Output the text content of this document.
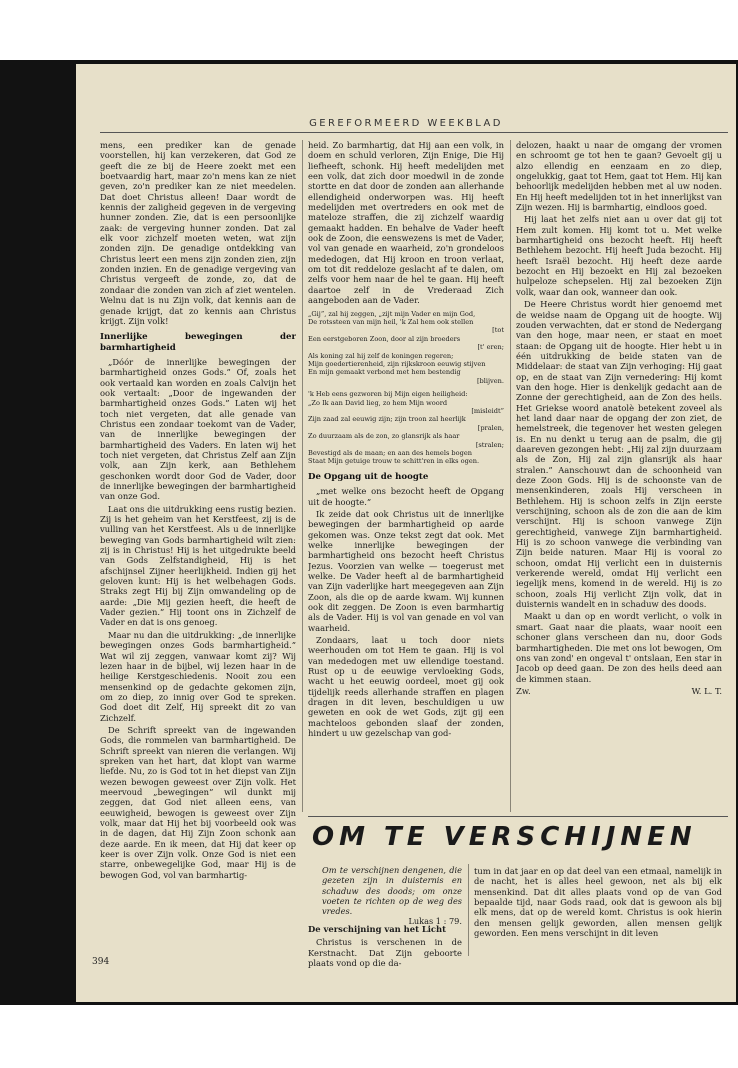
GEREFORMEERD WEEKBLAD

mens, een prediker kan de genade voorstellen, hij kan verzekeren, dat God ze geeft die ze bij de Heere zoekt met een boetvaardig hart, maar zo'n mens kan ze niet geven, zo'n prediker kan ze niet meedelen. Dat doet Christus alleen! Daar wordt de kennis der zaligheid gegeven in de vergeving hunner zonden. Zie, dat is een persoonlijke zaak: de vergeving hunner zonden. Dat zal elk voor zichzelf moeten weten, wat zijn zonden zijn. De genadige ontdekking van Christus leert een mens zijn zonden zien, zijn zonden inzien. En de genadige vergeving van Christus vergeeft de zonde, zo, dat de zondaar die zonden van zich af ziet wentelen. Welnu dat is nu Zijn volk, dat kennis aan de genade krijgt, dat zo kennis aan Christus krijgt. Zijn volk!

Innerlijke bewegingen der barmhartigheid

„Dóór de innerlijke bewegingen der barmhartigheid onzes Gods.” Of, zoals het ook vertaald kan worden en zoals Calvijn het ook vertaalt: „Door de ingewanden der barmhartigheid onzes Gods.” Laten wij het toch niet vergeten, dat alle genade van Christus een zondaar toekomt van de Vader, van de innerlijke bewegingen der barmhartigheid des Vaders. En laten wij het toch niet vergeten, dat Christus Zelf aan Zijn volk, aan Zijn kerk, aan Bethlehem geschonken wordt door God de Vader, door de innerlijke bewegingen der barmhartigheid van onze God.

Laat ons die uitdrukking eens rustig bezien. Zij is het geheim van het Kerstfeest, zij is de vulling van het Kerstfeest. Als u de innerlijke beweging van Gods barmhartigheid wilt zien: zij is in Christus! Hij is het uitgedrukte beeld van Gods Zelfstandigheid, Hij is het afschijnsel Zijner heerlijkheid. Indien gij het geloven kunt: Hij is het welbehagen Gods. Straks zegt Hij bij Zijn omwandeling op de aarde: „Die Mij gezien heeft, die heeft de Vader gezien.” Hij toont ons in Zichzelf de Vader en dat is ons genoeg.

Maar nu dan die uitdrukking: „de innerlijke bewegingen onzes Gods barmhartigheid.” Wat wil zij zeggen, vanwaar komt zij? Wij lezen haar in de bijbel, wij lezen haar in de heilige Kerstgeschiedenis. Nooit zou een mensenkind op de gedachte gekomen zijn, om zo diep, zo innig over God te spreken. God doet dit Zelf, Hij spreekt dit zo van Zichzelf.

De Schrift spreekt van de ingewanden Gods, die rommelen van barmhartigheid. De Schrift spreekt van nieren die verlangen. Wij spreken van het hart, dat klopt van warme liefde. Nu, zo is God tot in het diepst van Zijn wezen bewogen geweest over Zijn volk. Het meervoud „bewegingen” wil dunkt mij zeggen, dat God niet alleen eens, van eeuwigheid, bewogen is geweest over Zijn volk, maar dat Hij het bij voorbeeld ook was in de dagen, dat Hij Zijn Zoon schonk aan deze aarde. En ik meen, dat Hij dat keer op keer is over Zijn volk. Onze God is niet een starre, onbewegelijke God, maar Hij is de bewogen God, vol van barmhartig-

heid. Zo barmhartig, dat Hij aan een volk, in doem en schuld verloren, Zijn Enige, Die Hij liefheeft, schonk. Hij heeft medelijden met een volk, dat zich door moedwil in de zonde stortte en dat door de zonden aan allerhande ellendigheid onderworpen was. Hij heeft medelijden met overtreders en ook met de mateloze straffen, die zij zichzelf waardig gemaakt hadden. En behalve de Vader heeft ook de Zoon, die eenswezens is met de Vader, vol van genade en waarheid, zo'n grondeloos mededogen, dat Hij kroon en troon verlaat, om tot dit reddeloze geslacht af te dalen, om zelfs voor hem naar de hel te gaan. Hij heeft daartoe zelf in de Vrederaad Zich aangeboden aan de Vader.

„Gij”, zal hij zeggen, „zijt mijn Vader en mijn God,
De rotssteen van mijn heil, 'k Zal hem ook stellen
[tot
Een eerstgeboren Zoon, door al zijn broeders
[t' eren;
Als koning zal hij zelf de koningen regeren;
Mijn goedertierenheid, zijn rijkskroon eeuwig stijven
En mijn gemaakt verbond met hem bestendig
[blijven.
'k Heb eens gezworen bij Mijn eigen heiligheid:
„Zo Ik aan David lieg, zo hem Mijn woord
[misleidt”
Zijn zaad zal eeuwig zijn; zijn troon zal heerlijk
[pralen,
Zo duurzaam als de zon, zo glansrijk als haar
[stralen;
Bevestigd als de maan; en aan des hemels bogen
Staat Mijn getuige trouw te schitt'ren in elks ogen.
De Opgang uit de hoogte

„met welke ons bezocht heeft de Opgang uit de hoogte.”

Ik zeide dat ook Christus uit de innerlijke bewegingen der barmhartigheid op aarde gekomen was. Onze tekst zegt dat ook. Met welke innerlijke bewegingen der barmhartigheid ons bezocht heeft Christus Jezus. Voorzien van welke — toegerust met welke. De Vader heeft al de barmhartigheid van Zijn vaderlijke hart meegegeven aan Zijn Zoon, als die op de aarde kwam. Wij kunnen ook dit zeggen. De Zoon is even barmhartig als de Vader. Hij is vol van genade en vol van waarheid.

Zondaars, laat u toch door niets weerhouden om tot Hem te gaan. Hij is vol van mededogen met uw ellendige toestand. Rust op u de eeuwige vervloeking Gods, wacht u het eeuwig oordeel, moet gij ook tijdelijk reeds allerhande straffen en plagen dragen in dit leven, beschuldigen u uw geweten en ook de wet Gods, zijt gij een machteloos gebonden slaaf der zonden, hindert u uw gezelschap van god-

delozen, haakt u naar de omgang der vromen en schroomt ge tot hen te gaan? Gevoelt gij u alzo ellendig en eenzaam en zo diep, ongelukkig, gaat tot Hem, gaat tot Hem. Hij kan behoorlijk medelijden hebben met al uw noden. En Hij heeft medelijden tot in het innerlijkst van Zijn wezen. Hij is barmhartig, eindloos goed.

Hij laat het zelfs niet aan u over dat gij tot Hem zult komen. Hij komt tot u. Met welke barmhartigheid ons bezocht heeft. Hij heeft Bethlehem bezocht. Hij heeft Juda bezocht. Hij heeft Israël bezocht. Hij heeft deze aarde bezocht en Hij bezoekt en Hij zal bezoeken hulpeloze schepselen. Hij zal bezoeken Zijn volk, waar dan ook, wanneer dan ook.

De Heere Christus wordt hier genoemd met de weidse naam de Opgang uit de hoogte. Wij zouden verwachten, dat er stond de Nedergang van den hoge, maar neen, er staat en moet staan: de Opgang uit de hoogte. Hier hebt u in één uitdrukking de beide staten van de Middelaar: de staat van Zijn verhoging: Hij gaat op, en de staat van Zijn vernedering: Hij komt van den hoge. Hier is denkelijk gedacht aan de Zonne der gerechtigheid, aan de Zon des heils. Het Griekse woord anatolè betekent zoveel als het land daar naar de opgang der zon ziet, de hemelstreek, die tegenover het westen gelegen is. En nu denkt u terug aan de psalm, die gij daareven gezongen hebt: „Hij zal zijn duurzaam als de Zon, Hij zal zijn glansrijk als haar stralen.” Aanschouwt dan de schoonheid van deze Zoon Gods. Hij is de schoonste van de mensenkinderen, zoals Hij verscheen in Bethlehem. Hij is schoon zelfs in Zijn eerste verschijning, schoon als de zon die aan de kim verschijnt. Hij is schoon vanwege Zijn gerechtigheid, vanwege Zijn barmhartigheid. Hij is zo schoon vanwege die verbinding van Zijn beide naturen. Maar Hij is vooral zo schoon, omdat Hij verlicht een in duisternis verkerende wereld, omdat Hij verlicht een iegelijk mens, komend in de wereld. Hij is zo schoon, zoals Hij verlicht Zijn volk, dat in duisternis wandelt en in schaduw des doods.

Maakt u dan op en wordt verlicht, o volk in smart. Gaat naar die plaats, waar nooit een schoner glans verscheen dan nu, door Gods barmhartigheden. Die met ons lot bewogen, Om ons van zond' en ongeval t' ontslaan, Een star in Jacob op deed gaan. De zon des heils deed aan de kimmen staan.

Zw.	W. L. T.
OM TE VERSCHIJNEN
Om te verschijnen dengenen, die gezeten zijn in duisternis en schaduw des doods; om onze voeten te richten op de weg des vredes.
Lukas 1 : 79.
De verschijning van het Licht

Christus is verschenen in de Kerstnacht. Dat Zijn geboorte plaats vond op die da-

tum in dat jaar en op dat deel van een etmaal, namelijk in de nacht, het is alles heel gewoon, net als bij elk mensenkind. Dat dit alles plaats vond op de van God bepaalde tijd, naar Gods raad, ook dat is gewoon als bij elk mens, dat op de wereld komt. Christus is ook hierin den mensen gelijk geworden, allen mensen gelijk geworden. Een mens verschijnt in dit leven

394
